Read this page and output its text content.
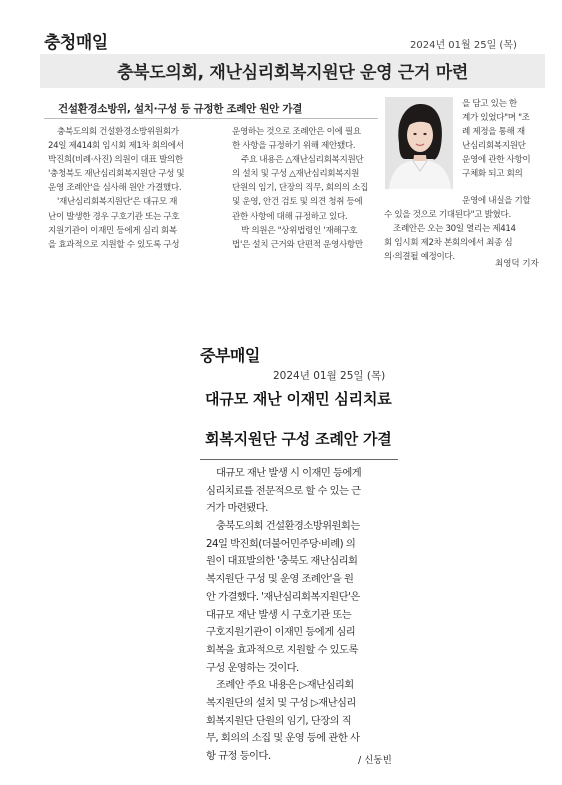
충청매일	2024년 01월 25일 (목)
충북도의회, 재난심리회복지원단 운영 근거 마련
건설환경소방위, 설치·구성 등 규정한 조례안 원안 가결
충북도의회 건설환경소방위원회가
24일 제414회 임시회 제1차 회의에서
박진희(비례·사진) 의원이 대표 발의한
'충청북도 재난심리회복지원단 구성 및
운영 조례안'을 심사해 원안 가결했다.
'재난심리회복지원단'은 대규모 재
난이 발생한 경우 구호기관 또는 구호
지원기관이 이재민 등에게 심리 회복
을 효과적으로 지원할 수 있도록 구성
운영하는 것으로 조례안은 이에 필요
한 사항을 규정하기 위해 제안됐다.
주요 내용은 △재난심리회복지원단
의 설치 및 구성 △재난심리회복지원
단원의 임기, 단장의 직무, 회의의 소집
및 운영, 안건 검토 및 의견 청취 등에
관한 사항에 대해 규정하고 있다.
박 의원은 "상위법령인 '재해구호
법'은 설치 근거와 단편적 운영사항만
을 담고 있는 한
계가 있었다"며 "조
례 제정을 통해 재
난심리회복지원단
운영에 관한 사항이
구체화 되고 회의
운영에 내실을 기할
수 있을 것으로 기대된다"고 밝혔다.
조례안은 오는 30일 열리는 제414
회 임시회 제2차 본회의에서 최종 심
의·의결될 예정이다.
최영덕 기자
중부매일
2024년 01월 25일 (목)
대규모 재난 이재민 심리치료
회복지원단 구성 조례안 가결
대규모 재난 발생 시 이재민 등에게
심리치료를 전문적으로 할 수 있는 근
거가 마련됐다.
충북도의회 건설환경소방위원회는
24일 박진희(더불어민주당·비례) 의
원이 대표발의한 '충북도 재난심리회
복지원단 구성 및 운영 조례안'을 원
안 가결했다. '재난심리회복지원단'은
대규모 재난 발생 시 구호기관 또는
구호지원기관이 이재민 등에게 심리
회복을 효과적으로 지원할 수 있도록
구성 운영하는 것이다.
조례안 주요 내용은 ▷재난심리회
복지원단의 설치 및 구성 ▷재난심리
회복지원단 단원의 임기, 단장의 직
무, 회의의 소집 및 운영 등에 관한 사
항 규정 등이다.	/ 신동빈
